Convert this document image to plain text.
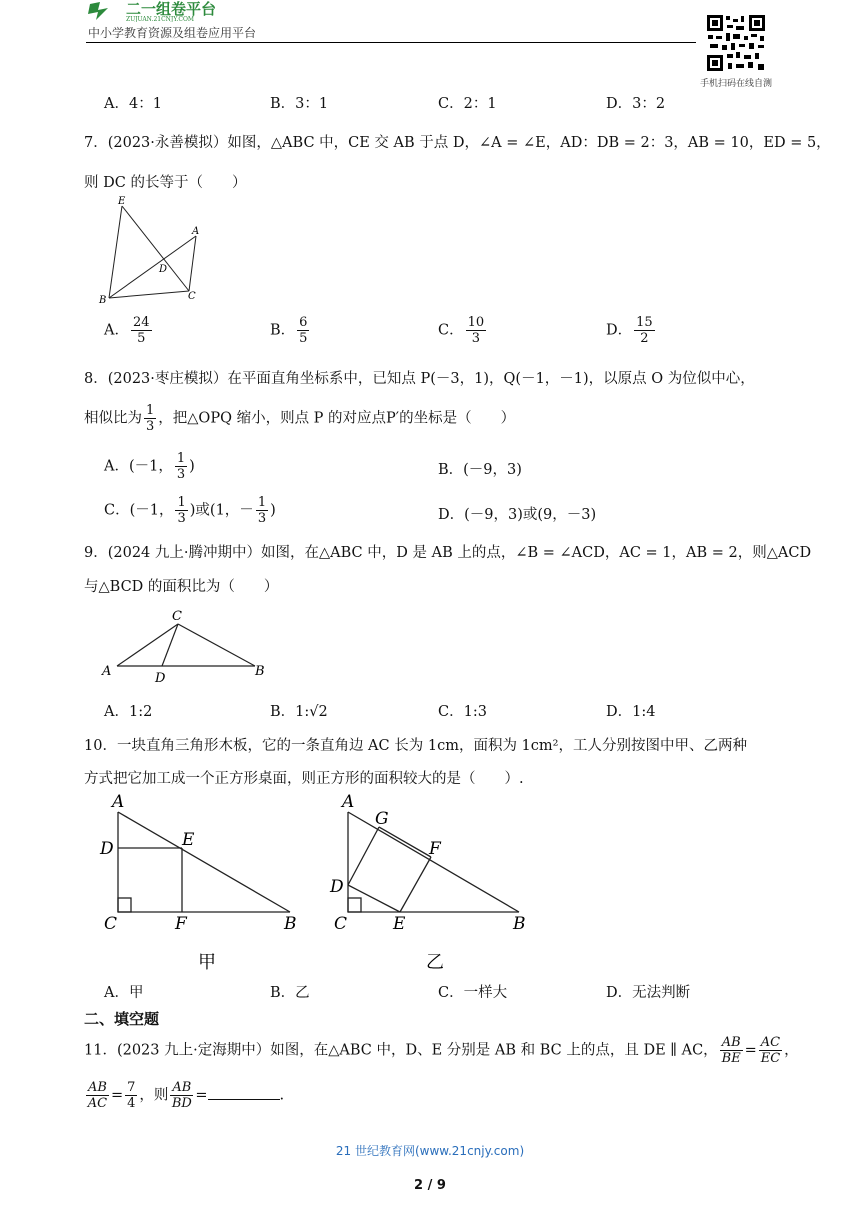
二一组卷平台
ZUJUAN.21CNJY.COM
中小学教育资源及组卷应用平台
手机扫码在线自测
A．4：1	B．3：1	C．2：1	D．3：2
7．(2023·永善模拟）如图，△ABC 中，CE 交 AB 于点 D，∠A = ∠E，AD：DB = 2：3，AB = 10，ED = 5，
则 DC 的长等于（　　）
E
A
D
B	C
A． $\frac{24}{5}$	B． $\frac{6}{5}$	C． $\frac{10}{3}$	D． $\frac{15}{2}$
8．(2023·枣庄模拟）在平面直角坐标系中，已知点 P(－3，1)，Q(－1，－1)，以原点 O 为位似中心，
相似比为 $\frac{1}{3}$ ，把△OPQ 缩小，则点 P 的对应点P′的坐标是（　　）
A．(－1， $\frac{1}{3}$ )	B．(－9，3)
C．(－1， $\frac{1}{3}$ )或(1，－ $\frac{1}{3}$ )	D．(－9，3)或(9，－3)
9．(2024 九上·腾冲期中）如图，在△ABC 中，D 是 AB 上的点，∠B = ∠ACD，AC = 1，AB = 2，则△ACD
与△BCD 的面积比为（　　）
C
A	D	B
A．1:2	B．1:√2	C．1:3	D．1:4
10．一块直角三角形木板，它的一条直角边 AC 长为 1cm，面积为 1cm²，工人分别按图中甲、乙两种
方式把它加工成一个正方形桌面，则正方形的面积较大的是（　　）.
A
D	E
C	F	B
甲
A
G
F
D
C	E	B
乙
A．甲	B．乙	C．一样大	D．无法判断
二、填空题
11．(2023 九上·定海期中）如图，在△ABC 中，D、E 分别是 AB 和 BC 上的点，且 DE ∥ AC， $\frac{AB}{BE} = \frac{AC}{EC}$ ，
$\frac{AB}{AC} = \frac{7}{4}$ ，则 $\frac{AB}{BD}$ =	.
21 世纪教育网(www.21cnjy.com)
2 / 9
